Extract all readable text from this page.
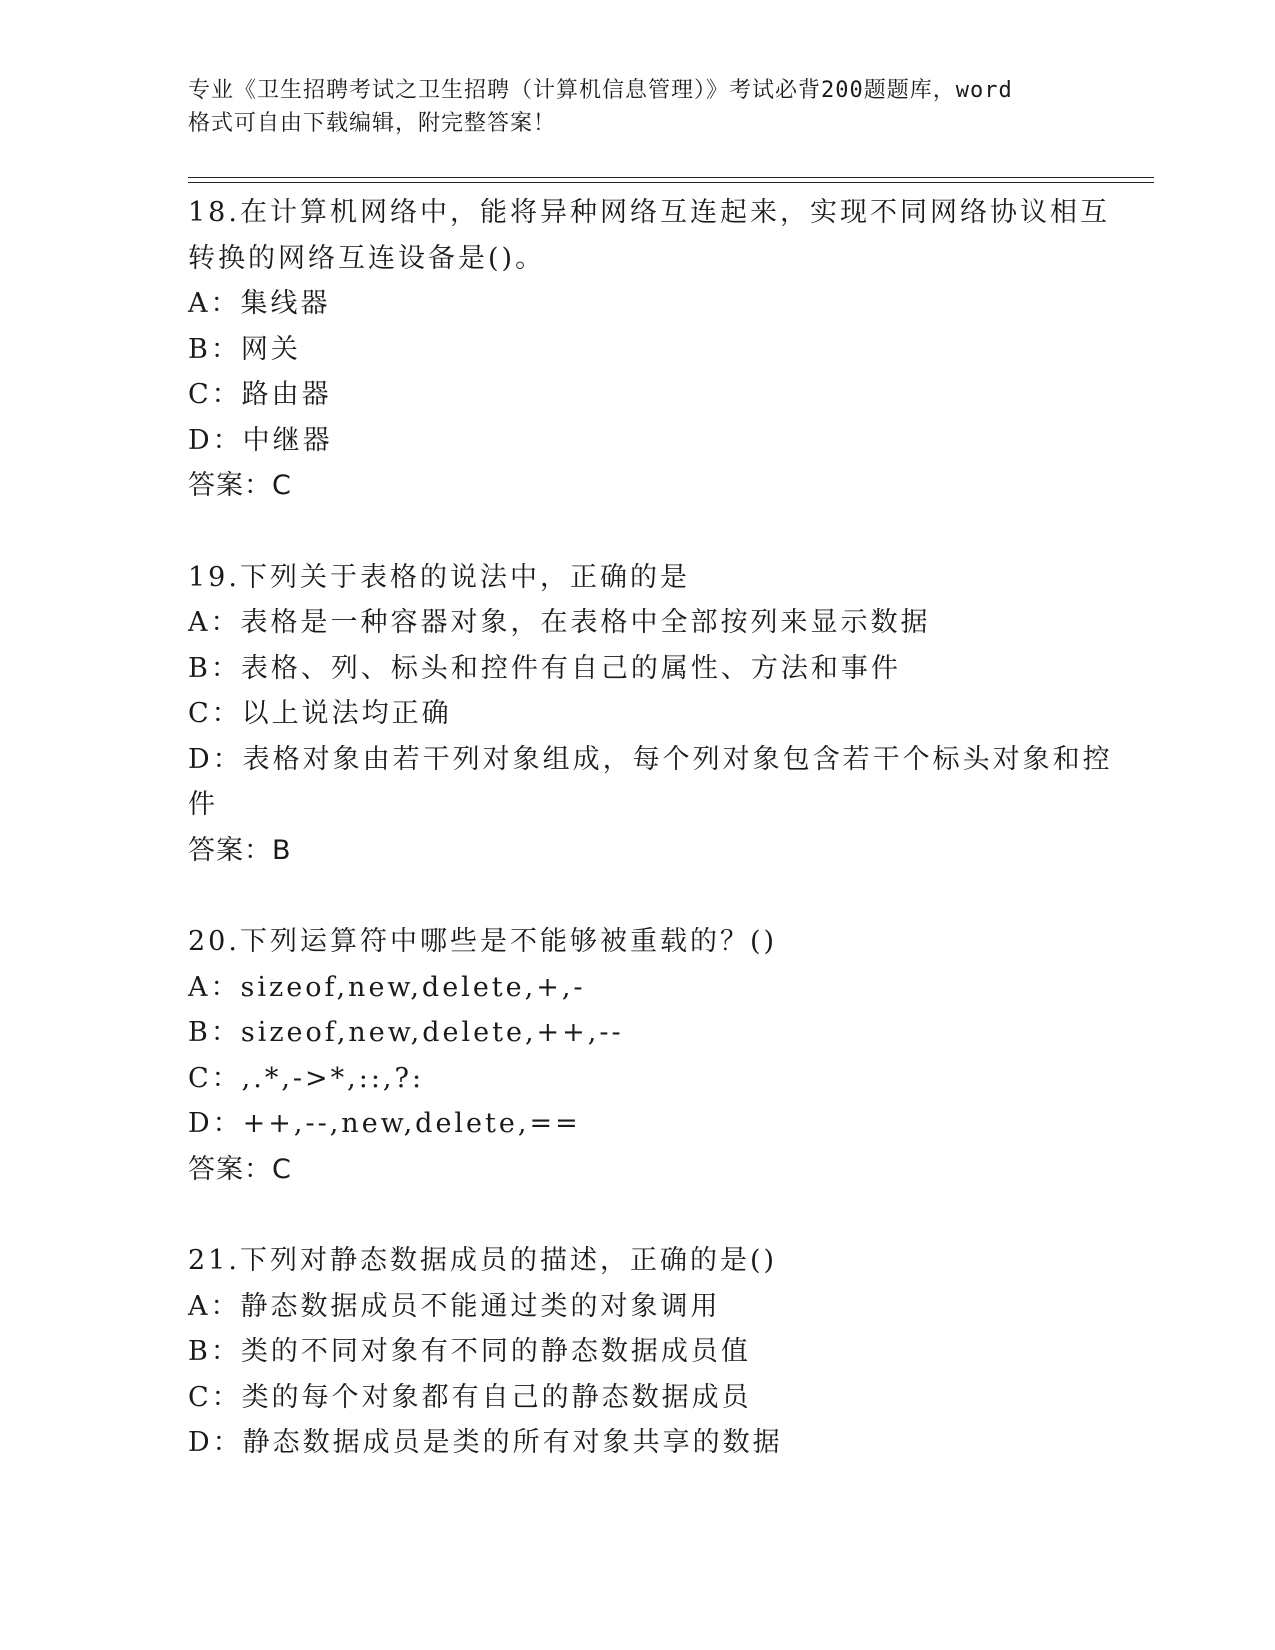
专业《卫生招聘考试之卫生招聘（计算机信息管理）》考试必背200题题库，word
格式可自由下载编辑，附完整答案！
18.在计算机网络中，能将异种网络互连起来，实现不同网络协议相互
转换的网络互连设备是()。
A：集线器
B：网关
C：路由器
D：中继器
答案：C
19.下列关于表格的说法中，正确的是
A：表格是一种容器对象，在表格中全部按列来显示数据
B：表格、列、标头和控件有自己的属性、方法和事件
C：以上说法均正确
D：表格对象由若干列对象组成，每个列对象包含若干个标头对象和控
件
答案：B
20.下列运算符中哪些是不能够被重载的？()
A：sizeof,new,delete,+,-
B：sizeof,new,delete,++,--
C：,.*,->*,::,?:
D：++,--,new,delete,==
答案：C
21.下列对静态数据成员的描述，正确的是()
A：静态数据成员不能通过类的对象调用
B：类的不同对象有不同的静态数据成员值
C：类的每个对象都有自己的静态数据成员
D：静态数据成员是类的所有对象共享的数据
